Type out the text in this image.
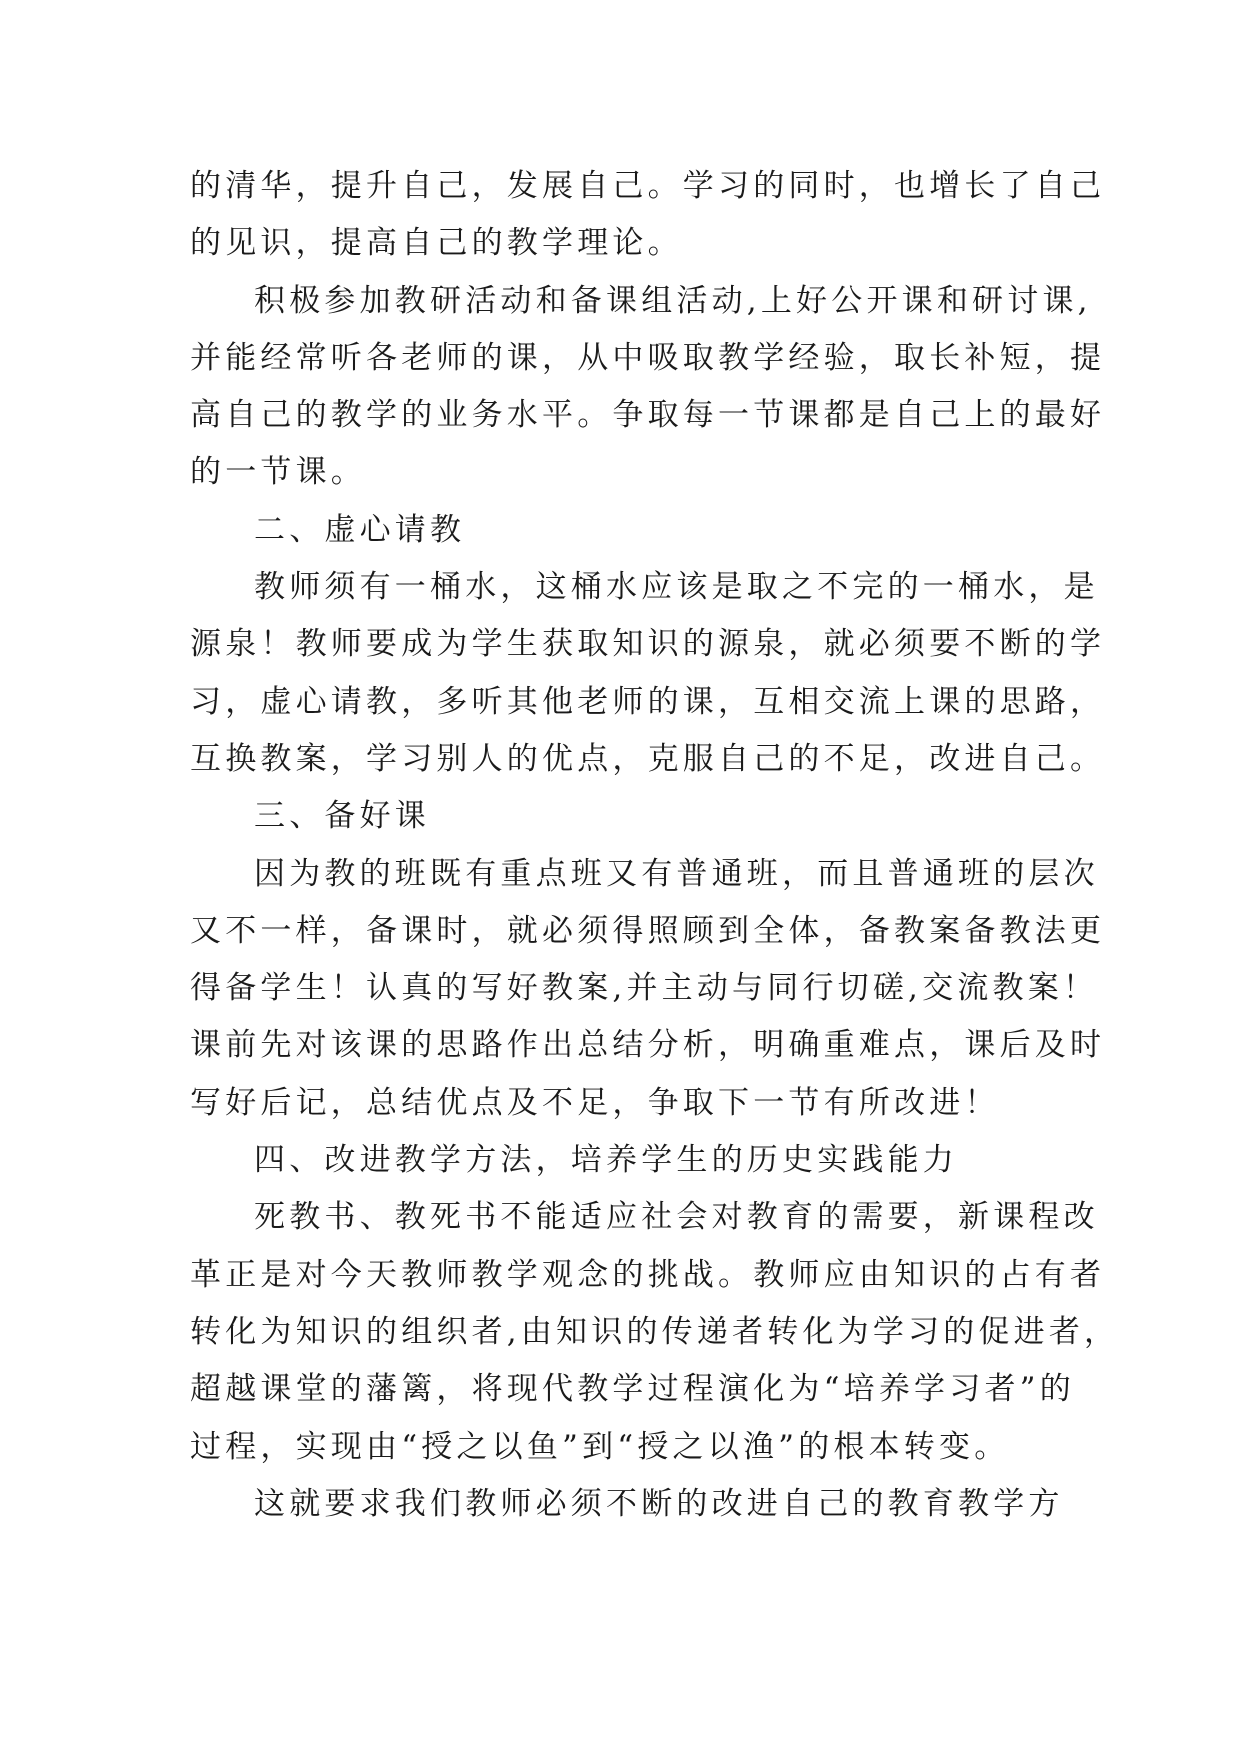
的清华，提升自己，发展自己。学习的同时，也增长了自己
的见识，提高自己的教学理论。
积极参加教研活动和备课组活动,上好公开课和研讨课,
并能经常听各老师的课，从中吸取教学经验，取长补短，提
高自己的教学的业务水平。争取每一节课都是自己上的最好
的一节课。
二、虚心请教
教师须有一桶水，这桶水应该是取之不完的一桶水，是
源泉！教师要成为学生获取知识的源泉，就必须要不断的学
习，虚心请教，多听其他老师的课，互相交流上课的思路，
互换教案，学习别人的优点，克服自己的不足，改进自己。
三、备好课
因为教的班既有重点班又有普通班，而且普通班的层次
又不一样，备课时，就必须得照顾到全体，备教案备教法更
得备学生！认真的写好教案,并主动与同行切磋,交流教案！
课前先对该课的思路作出总结分析，明确重难点，课后及时
写好后记，总结优点及不足，争取下一节有所改进！
四、改进教学方法，培养学生的历史实践能力
死教书、教死书不能适应社会对教育的需要，新课程改
革正是对今天教师教学观念的挑战。教师应由知识的占有者
转化为知识的组织者,由知识的传递者转化为学习的促进者，
超越课堂的藩篱，将现代教学过程演化为“培养学习者”的
过程，实现由“授之以鱼”到“授之以渔”的根本转变。
这就要求我们教师必须不断的改进自己的教育教学方
